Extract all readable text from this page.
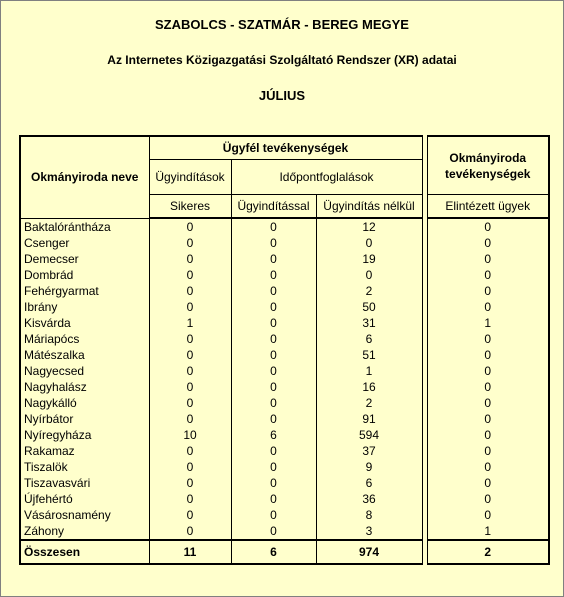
SZABOLCS - SZATMÁR - BEREG MEGYE
Az Internetes Közigazgatási Szolgáltató Rendszer (XR) adatai
JÚLIUS
Okmányiroda neve	Ügyfél tevékenységek				Okmányiroda tevékenységek
	Ügyindítások	Időpontfoglalások			
	Sikeres	Ügyindítással	Ügyindítás nélkül		Elintézett ügyek
Baktalórántháza	0	0	12		0
Csenger	0	0	0		0
Demecser	0	0	19		0
Dombrád	0	0	0		0
Fehérgyarmat	0	0	2		0
Ibrány	0	0	50		0
Kisvárda	1	0	31		1
Máriapócs	0	0	6		0
Mátészalka	0	0	51		0
Nagyecsed	0	0	1		0
Nagyhalász	0	0	16		0
Nagykálló	0	0	2		0
Nyírbátor	0	0	91		0
Nyíregyháza	10	6	594		0
Rakamaz	0	0	37		0
Tiszalök	0	0	9		0
Tiszavasvári	0	0	6		0
Újfehértó	0	0	36		0
Vásárosnamény	0	0	8		0
Záhony	0	0	3		1
Összesen	11	6	974		2
